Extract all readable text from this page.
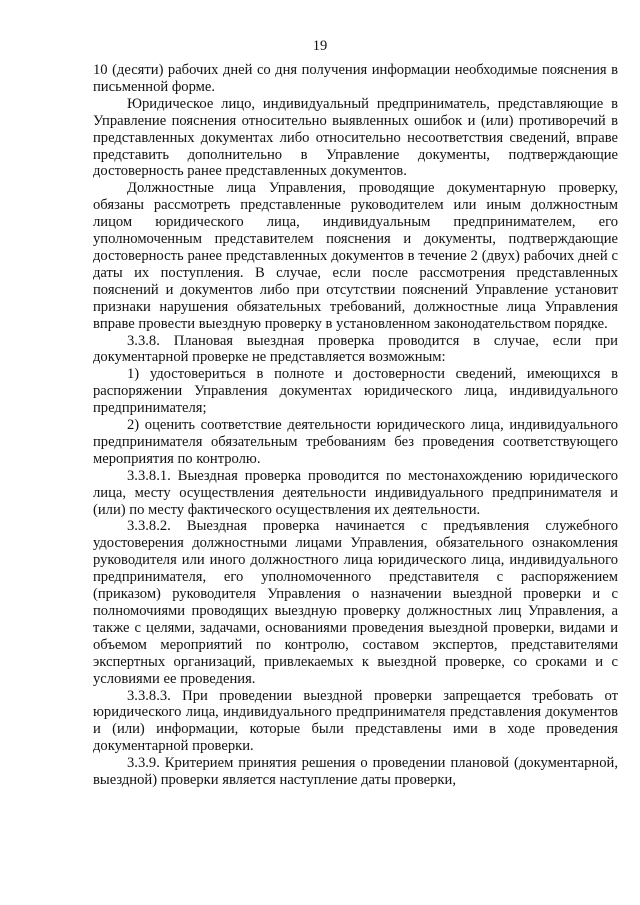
19

10 (десяти) рабочих дней со дня получения информации необходимые пояснения в письменной форме.

Юридическое лицо, индивидуальный предприниматель, представляющие в Управление пояснения относительно выявленных ошибок и (или) противоречий в представленных документах либо относительно несоответствия сведений, вправе представить дополнительно в Управление документы, подтверждающие достоверность ранее представленных документов.

Должностные лица Управления, проводящие документарную проверку, обязаны рассмотреть представленные руководителем или иным должностным лицом юридического лица, индивидуальным предпринимателем, его уполномоченным представителем пояснения и документы, подтверждающие достоверность ранее представленных документов в течение 2 (двух) рабочих дней с даты их поступления. В случае, если после рассмотрения представленных пояснений и документов либо при отсутствии пояснений Управление установит признаки нарушения обязательных требований, должностные лица Управления вправе провести выездную проверку в установленном законодательством порядке.

3.3.8. Плановая выездная проверка проводится в случае, если при документарной проверке не представляется возможным:

1) удостовериться в полноте и достоверности сведений, имеющихся в распоряжении Управления документах юридического лица, индивидуального предпринимателя;

2) оценить соответствие деятельности юридического лица, индивидуального предпринимателя обязательным требованиям без проведения соответствующего мероприятия по контролю.

3.3.8.1. Выездная проверка проводится по местонахождению юридического лица, месту осуществления деятельности индивидуального предпринимателя и (или) по месту фактического осуществления их деятельности.

3.3.8.2. Выездная проверка начинается с предъявления служебного удостоверения должностными лицами Управления, обязательного ознакомления руководителя или иного должностного лица юридического лица, индивидуального предпринимателя, его уполномоченного представителя с распоряжением (приказом) руководителя Управления о назначении выездной проверки и с полномочиями проводящих выездную проверку должностных лиц Управления, а также с целями, задачами, основаниями проведения выездной проверки, видами и объемом мероприятий по контролю, составом экспертов, представителями экспертных организаций, привлекаемых к выездной проверке, со сроками и с условиями ее проведения.

3.3.8.3. При проведении выездной проверки запрещается требовать от юридического лица, индивидуального предпринимателя представления документов и (или) информации, которые были представлены ими в ходе проведения документарной проверки.

3.3.9. Критерием принятия решения о проведении плановой (документарной, выездной) проверки является наступление даты проверки,
